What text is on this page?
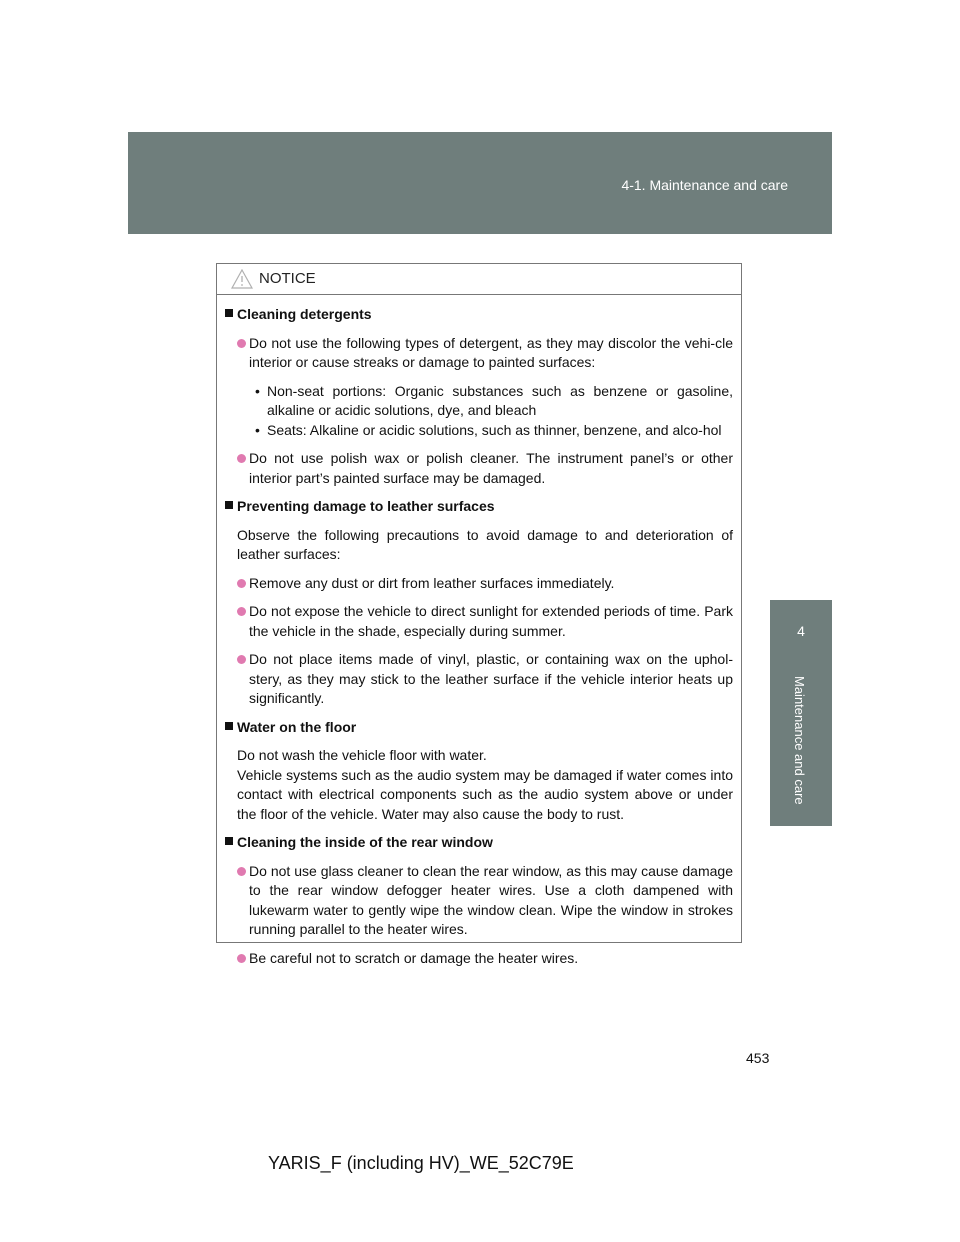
4-1. Maintenance and care
4
Maintenance and care
NOTICE

Cleaning detergents

Do not use the following types of detergent, as they may discolor the vehi-cle interior or cause streaks or damage to painted surfaces:

• Non-seat portions: Organic substances such as benzene or gasoline, alkaline or acidic solutions, dye, and bleach

• Seats: Alkaline or acidic solutions, such as thinner, benzene, and alco-hol

Do not use polish wax or polish cleaner. The instrument panel’s or other interior part’s painted surface may be damaged.

Preventing damage to leather surfaces

Observe the following precautions to avoid damage to and deterioration of leather surfaces:

Remove any dust or dirt from leather surfaces immediately.

Do not expose the vehicle to direct sunlight for extended periods of time. Park the vehicle in the shade, especially during summer.

Do not place items made of vinyl, plastic, or containing wax on the uphol-stery, as they may stick to the leather surface if the vehicle interior heats up significantly.

Water on the floor

Do not wash the vehicle floor with water.

Vehicle systems such as the audio system may be damaged if water comes into contact with electrical components such as the audio system above or under the floor of the vehicle. Water may also cause the body to rust.

Cleaning the inside of the rear window

Do not use glass cleaner to clean the rear window, as this may cause damage to the rear window defogger heater wires. Use a cloth dampened with lukewarm water to gently wipe the window clean. Wipe the window in strokes running parallel to the heater wires.

Be careful not to scratch or damage the heater wires.

453
YARIS_F (including HV)_WE_52C79E
